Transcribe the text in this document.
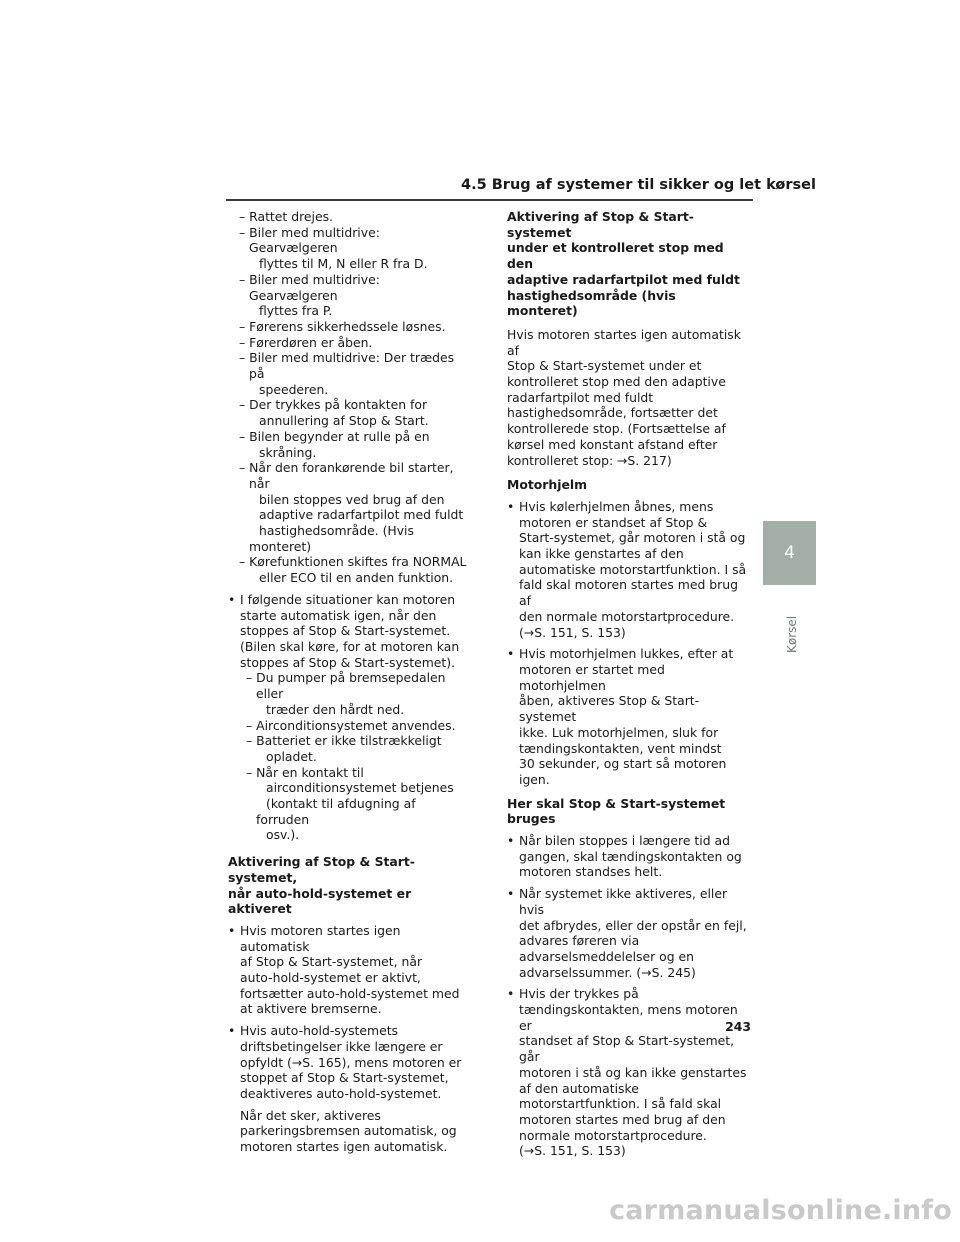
4.5 Brug af systemer til sikker og let kørsel
– Rattet drejes.
– Biler med multidrive: Gearvælgeren
flyttes til M, N eller R fra D.
– Biler med multidrive: Gearvælgeren
flyttes fra P.
– Førerens sikkerhedssele løsnes.
– Førerdøren er åben.
– Biler med multidrive: Der trædes på
speederen.
– Der trykkes på kontakten for
annullering af Stop & Start.
– Bilen begynder at rulle på en
skråning.
– Når den forankørende bil starter, når
bilen stoppes ved brug af den
adaptive radarfartpilot med fuldt
hastighedsområde. (Hvis monteret)
– Kørefunktionen skiftes fra NORMAL
eller ECO til en anden funktion.
• I følgende situationer kan motoren
starte automatisk igen, når den
stoppes af Stop & Start-systemet.
(Bilen skal køre, for at motoren kan
stoppes af Stop & Start-systemet).
– Du pumper på bremsepedalen eller
træder den hårdt ned.
– Airconditionsystemet anvendes.
– Batteriet er ikke tilstrækkeligt
opladet.
– Når en kontakt til
airconditionsystemet betjenes
(kontakt til afdugning af forruden
osv.).
Aktivering af Stop & Start-systemet,
når auto-hold-systemet er aktiveret
• Hvis motoren startes igen automatisk
af Stop & Start-systemet, når
auto-hold-systemet er aktivt,
fortsætter auto-hold-systemet med
at aktivere bremserne.
• Hvis auto-hold-systemets
driftsbetingelser ikke længere er
opfyldt (→S. 165), mens motoren er
stoppet af Stop & Start-systemet,
deaktiveres auto-hold-systemet.
Når det sker, aktiveres
parkeringsbremsen automatisk, og
motoren startes igen automatisk.
Aktivering af Stop & Start-systemet
under et kontrolleret stop med den
adaptive radarfartpilot med fuldt
hastighedsområde (hvis monteret)
Hvis motoren startes igen automatisk af
Stop & Start-systemet under et
kontrolleret stop med den adaptive
radarfartpilot med fuldt
hastighedsområde, fortsætter det
kontrollerede stop. (Fortsættelse af
kørsel med konstant afstand efter
kontrolleret stop: →S. 217)
Motorhjelm
• Hvis kølerhjelmen åbnes, mens
motoren er standset af Stop &
Start-systemet, går motoren i stå og
kan ikke genstartes af den
automatiske motorstartfunktion. I så
fald skal motoren startes med brug af
den normale motorstartprocedure.
(→S. 151, S. 153)
• Hvis motorhjelmen lukkes, efter at
motoren er startet med motorhjelmen
åben, aktiveres Stop & Start-systemet
ikke. Luk motorhjelmen, sluk for
tændingskontakten, vent mindst
30 sekunder, og start så motoren igen.
Her skal Stop & Start-systemet bruges
• Når bilen stoppes i længere tid ad
gangen, skal tændingskontakten og
motoren standses helt.
• Når systemet ikke aktiveres, eller hvis
det afbrydes, eller der opstår en fejl,
advares føreren via
advarselsmeddelelser og en
advarselssummer. (→S. 245)
• Hvis der trykkes på
tændingskontakten, mens motoren er
standset af Stop & Start-systemet, går
motoren i stå og kan ikke genstartes
af den automatiske
motorstartfunktion. I så fald skal
motoren startes med brug af den
normale motorstartprocedure.
(→S. 151, S. 153)
4
Kørsel
243
carmanualsonline.info
